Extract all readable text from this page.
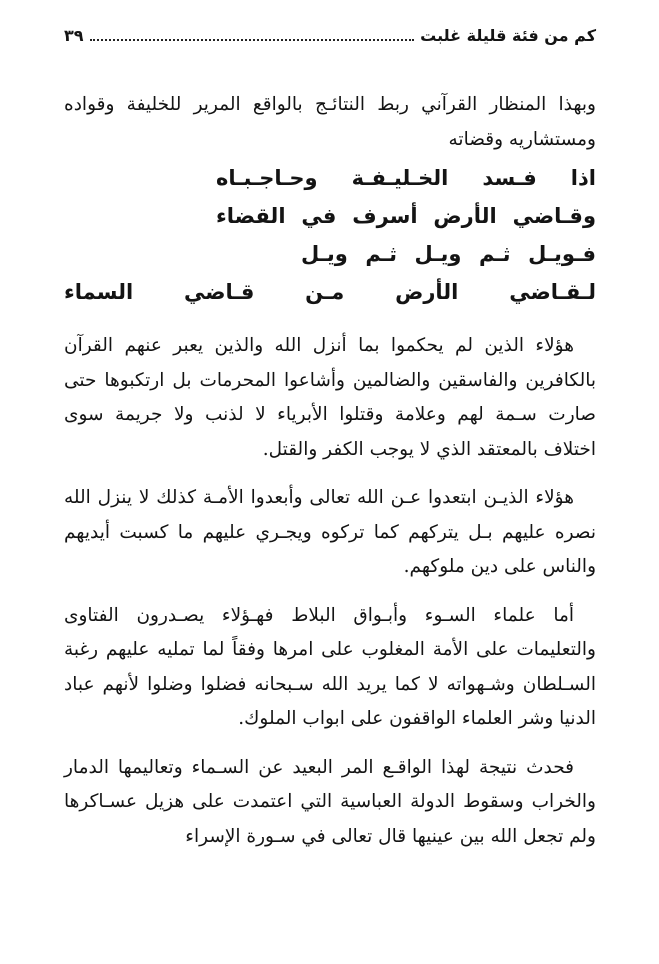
كم من فئة قليلة غلبت
٣٩

وبهذا المنظار القرآني ربط النتائـج بالواقع المرير للخليفة وقواده ومستشاريه وقضاته

اذا فـسد الخـليـفـة وحـاجـبـاه
وقـاضي الأرض أسرف في القضاء
فـويـل ثـم ويـل ثـم ويـل
لـقـاضي الأرض مـن قـاضي السماء

هؤلاء الذين لم يحكموا بما أنزل الله والذين يعبر عنهم القرآن بالكافرين والفاسقين والضالمين وأشاعوا المحرمات بل ارتكبوها حتى صارت سـمة لهم وعلامة وقتلوا الأبرياء لا لذنب ولا جريمة سوى اختلاف بالمعتقد الذي لا يوجب الكفر والقتل.

هؤلاء الذيـن ابتعدوا عـن الله تعالى وأبعدوا الأمـة كذلك لا ينزل الله نصره عليهم بـل يتركهم كما تركوه ويجـري عليهم ما كسبت أيديهم والناس على دين ملوكهم.

أما علماء السـوء وأبـواق البلاط فهـؤلاء يصـدرون الفتاوى والتعليمات على الأمة المغلوب على امرها وفقاً لما تمليه عليهم رغبة السـلطان وشـهواته لا كما يريد الله سـبحانه فضلوا وضلوا لأنهم عباد الدنيا وشر العلماء الواقفون على ابواب الملوك.

فحدث نتيجة لهذا الواقـع المر البعيد عن السـماء وتعاليمها الدمار والخراب وسقوط الدولة العباسية التي اعتمدت على هزيل عسـاكرها ولم تجعل الله بين عينيها قال تعالى في سـورة الإسراء
